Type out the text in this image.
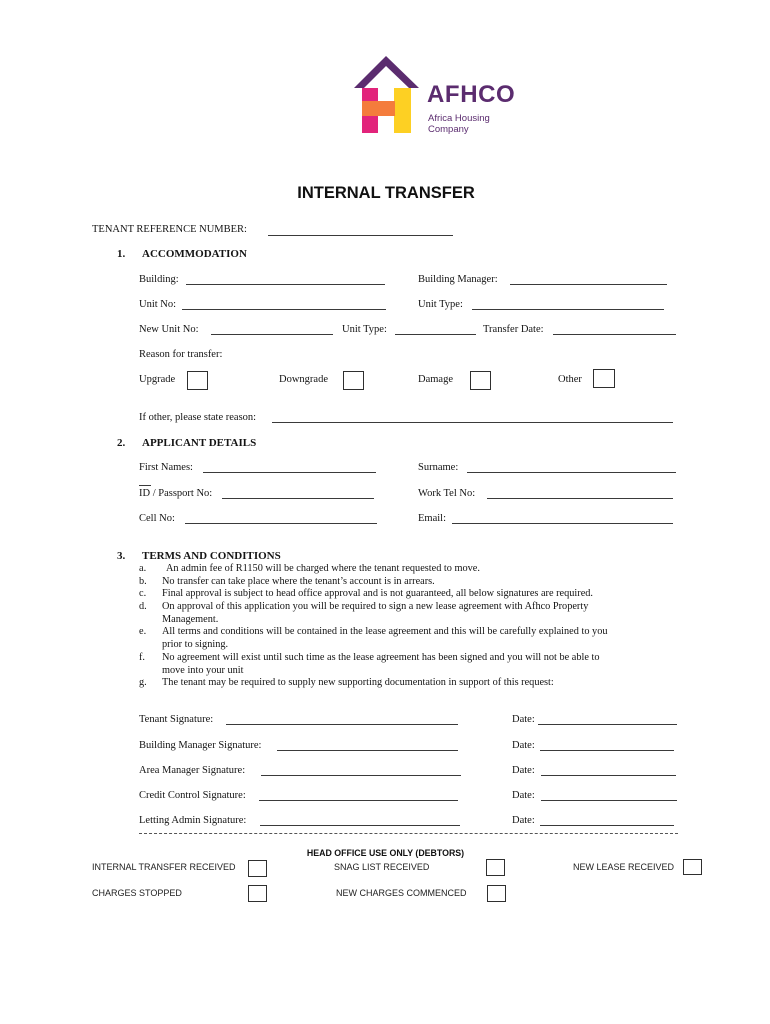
AFHCO
Africa Housing
Company
INTERNAL TRANSFER
TENANT REFERENCE NUMBER:
1. ACCOMMODATION
Building:	Building Manager:
Unit No:	Unit Type:
New Unit No:	Unit Type:	Transfer Date:
Reason for transfer:
Upgrade	Downgrade	Damage	Other
If other, please state reason:
2. APPLICANT DETAILS
First Names:	Surname:
ID / Passport No:	Work Tel No:
Cell No:	Email:
3. TERMS AND CONDITIONS
a. An admin fee of R1150 will be charged where the tenant requested to move.
b. No transfer can take place where the tenant’s account is in arrears.
c. Final approval is subject to head office approval and is not guaranteed, all below signatures are required.
d. On approval of this application you will be required to sign a new lease agreement with Afhco Property
Management.
e. All terms and conditions will be contained in the lease agreement and this will be carefully explained to you
prior to signing.
f. No agreement will exist until such time as the lease agreement has been signed and you will not be able to
move into your unit
g. The tenant may be required to supply new supporting documentation in support of this request:
Tenant Signature:	Date:
Building Manager Signature:	Date:
Area Manager Signature:	Date:
Credit Control Signature:	Date:
Letting Admin Signature:	Date:
HEAD OFFICE USE ONLY (DEBTORS)
INTERNAL TRANSFER RECEIVED	SNAG LIST RECEIVED	NEW LEASE RECEIVED
CHARGES STOPPED	NEW CHARGES COMMENCED
